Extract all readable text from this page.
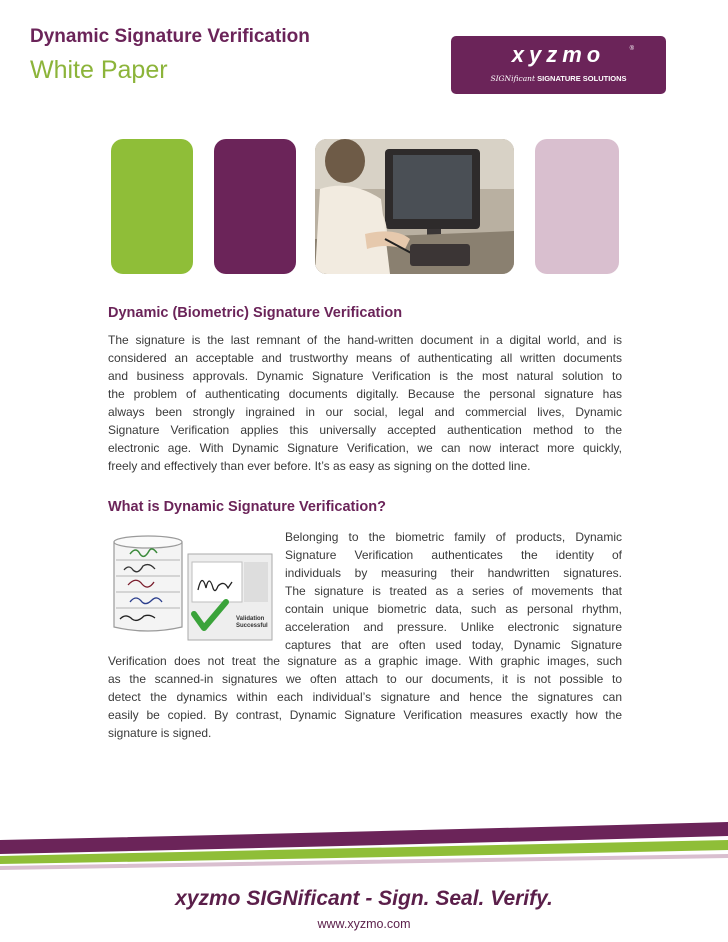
Dynamic Signature Verification
White Paper
xyzmo	®
SIGNificant SIGNATURE SOLUTIONS
Dynamic (Biometric) Signature Verification
The signature is the last remnant of the hand-written document in a digital world, and is
considered an acceptable and trustworthy means of authenticating all written documents
and business approvals. Dynamic Signature Verification is the most natural solution to
the problem of authenticating documents digitally. Because the personal signature has
always been strongly ingrained in our social, legal and commercial lives, Dynamic
Signature Verification applies this universally accepted authentication method to the
electronic age. With Dynamic Signature Verification, we can now interact more quickly,
freely and effectively than ever before. It’s as easy as signing on the dotted line.
What is Dynamic Signature Verification?
Validation
Successful
Belonging to the biometric family of products, Dynamic
Signature Verification authenticates the identity of
individuals by measuring their handwritten signatures.
The signature is treated as a series of movements that
contain unique biometric data, such as personal rhythm,
acceleration and pressure. Unlike electronic signature
captures that are often used today, Dynamic Signature
Verification does not treat the signature as a graphic image. With graphic images, such
as the scanned-in signatures we often attach to our documents, it is not possible to
detect the dynamics within each individual’s signature and hence the signatures can
easily be copied. By contrast, Dynamic Signature Verification measures exactly how the
signature is signed.
xyzmo SIGNificant - Sign. Seal. Verify.
www.xyzmo.com
